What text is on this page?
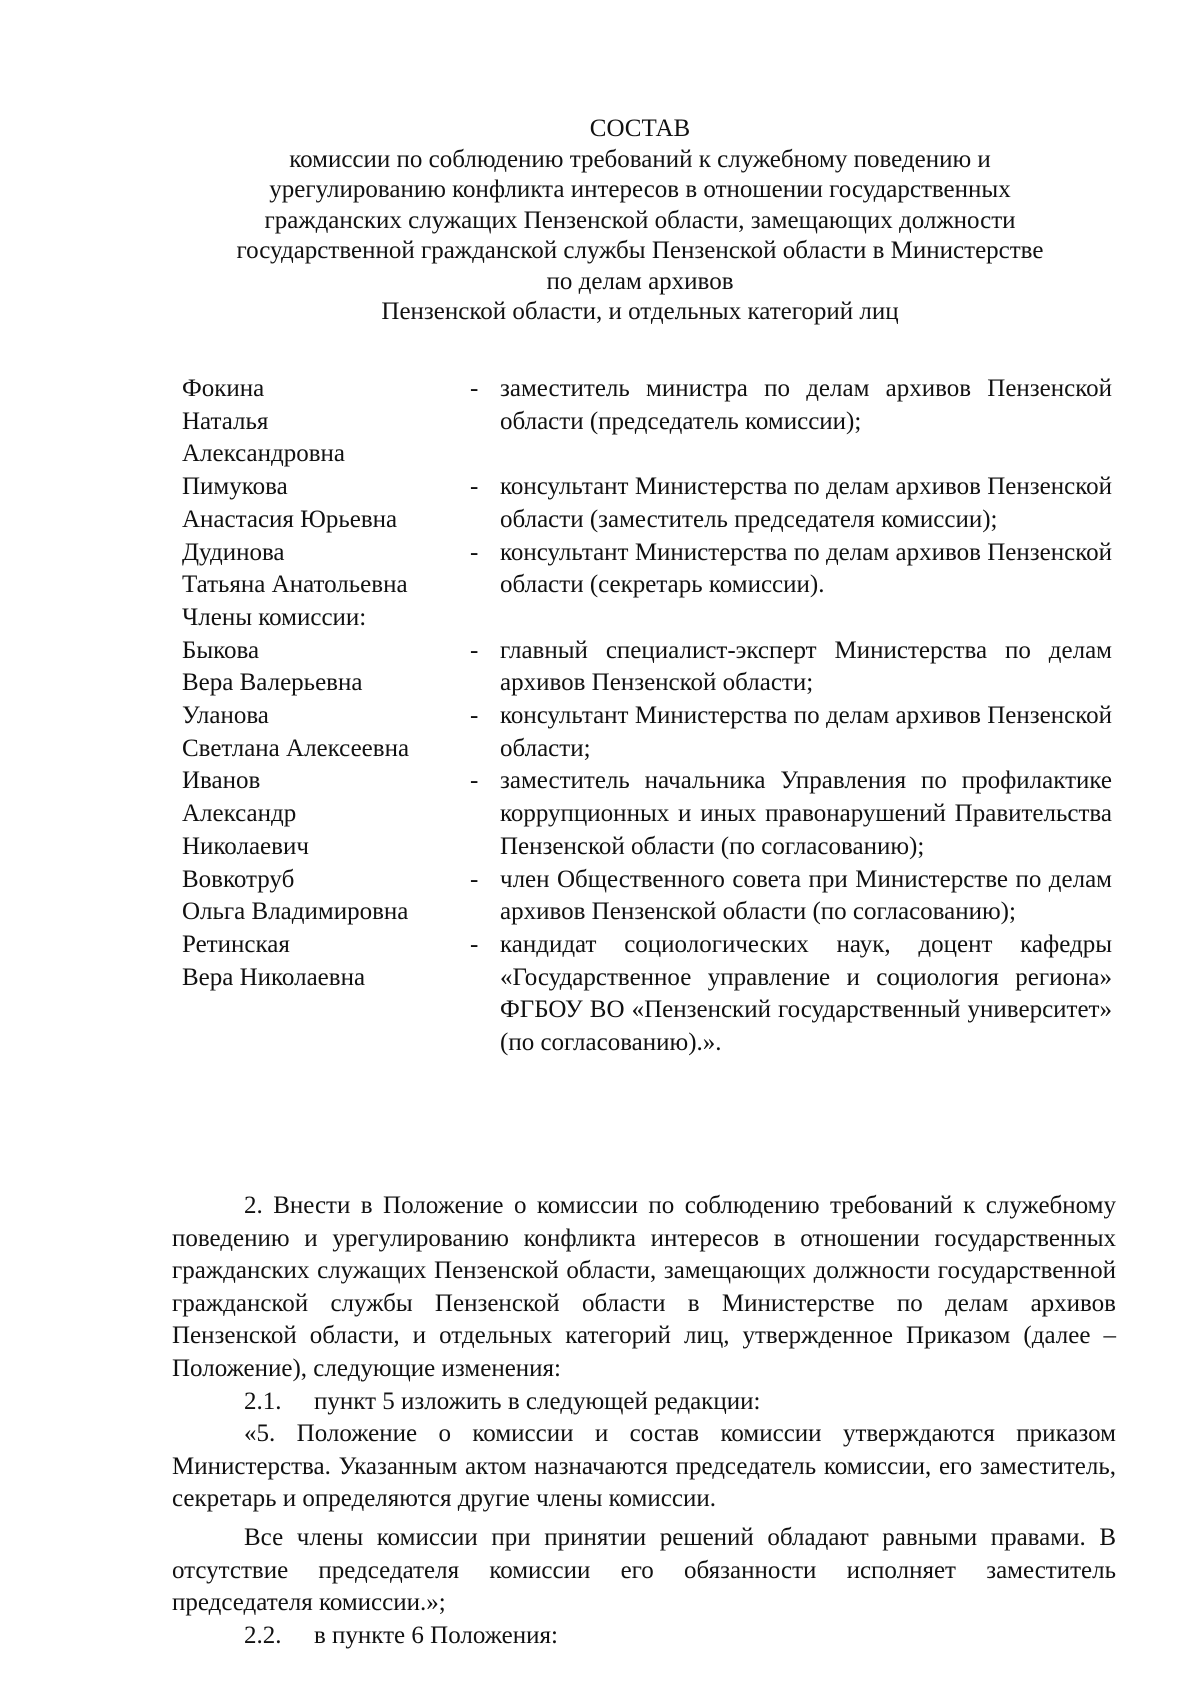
СОСТАВ
комиссии по соблюдению требований к служебному поведению и
урегулированию конфликта интересов в отношении государственных
гражданских служащих Пензенской области, замещающих должности
государственной гражданской службы Пензенской области в Министерстве
по делам архивов
Пензенской области, и отдельных категорий лиц
Фокина
Наталья
Александровна
- заместитель министра по делам архивов Пензенской области (председатель комиссии);
Пимукова
Анастасия Юрьевна
- консультант Министерства по делам архивов Пензенской области (заместитель председателя комиссии);
Дудинова
Татьяна Анатольевна
- консультант Министерства по делам архивов Пензенской области (секретарь комиссии).
Члены комиссии:
Быкова
Вера Валерьевна
- главный специалист-эксперт Министерства по делам архивов Пензенской области;
Уланова
Светлана Алексеевна
- консультант Министерства по делам архивов Пензенской области;
Иванов
Александр
Николаевич
- заместитель начальника Управления по профилактике коррупционных и иных правонарушений Правительства Пензенской области (по согласованию);
Вовкотруб
Ольга Владимировна
- член Общественного совета при Министерстве по делам архивов Пензенской области (по согласованию);
Ретинская
Вера Николаевна
- кандидат социологических наук, доцент кафедры «Государственное управление и социология региона» ФГБОУ ВО «Пензенский государственный университет» (по согласованию).».

2. Внести в Положение о комиссии по соблюдению требований к служебному поведению и урегулированию конфликта интересов в отношении государственных гражданских служащих Пензенской области, замещающих должности государственной гражданской службы Пензенской области в Министерстве по делам архивов Пензенской области, и отдельных категорий лиц, утвержденное Приказом (далее – Положение), следующие изменения:

2.1. пункт 5 изложить в следующей редакции:

«5. Положение о комиссии и состав комиссии утверждаются приказом Министерства. Указанным актом назначаются председатель комиссии, его заместитель, секретарь и определяются другие члены комиссии.

Все члены комиссии при принятии решений обладают равными правами. В отсутствие председателя комиссии его обязанности исполняет заместитель председателя комиссии.»;

2.2. в пункте 6 Положения:
